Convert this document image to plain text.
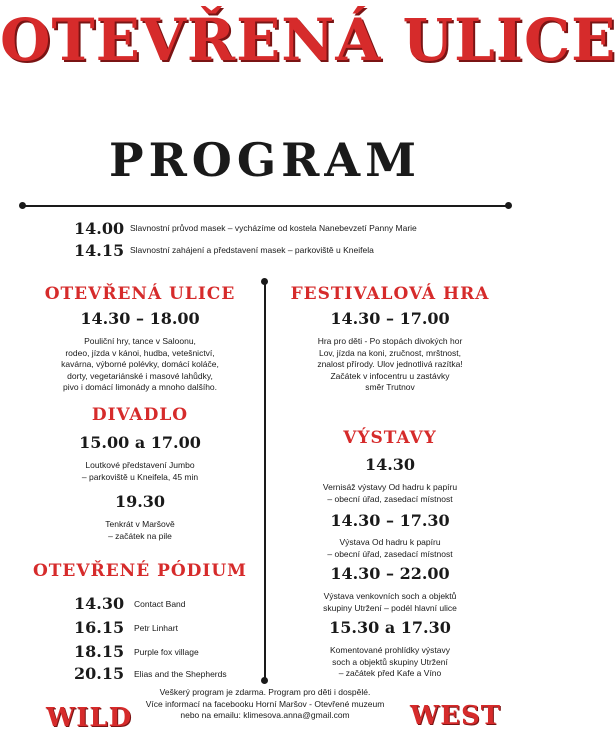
OTEVŘENÁ ULICE
PROGRAM
14.00 Slavnostní průvod masek – vycházíme od kostela Nanebevzetí Panny Marie
14.15 Slavnostní zahájení a představení masek – parkoviště u Kneifela
OTEVŘENÁ ULICE
14.30 – 18.00
Pouliční hry, tance v Saloonu,
rodeo, jízda v kánoi, hudba, vetešnictví,
kavárna, výborné polévky, domácí koláče,
dorty, vegetariánské i masové lahůdky,
pivo i domácí limonády a mnoho dalšího.
DIVADLO
15.00 a 17.00
Loutkové představení Jumbo
– parkoviště u Kneifela, 45 min
19.30
Tenkrát v Maršově
– začátek na pile
OTEVŘENÉ PÓDIUM
14.30 Contact Band
16.15 Petr Linhart
18.15 Purple fox village
20.15 Elias and the Shepherds
FESTIVALOVÁ HRA
14.30 – 17.00
Hra pro děti - Po stopách divokých hor
Lov, jízda na koni, zručnost, mrštnost,
znalost přírody. Ulov jednotlivá razítka!
Začátek v infocentru u zastávky
směr Trutnov
VÝSTAVY
14.30
Vernisáž výstavy Od hadru k papíru
– obecní úřad, zasedací místnost
14.30 – 17.30
Výstava Od hadru k papíru
– obecní úřad, zasedací místnost
14.30 – 22.00
Výstava venkovních soch a objektů
skupiny Utržení – podél hlavní ulice
15.30 a 17.30
Komentované prohlídky výstavy
soch a objektů skupiny Utržení
– začátek před Kafe a Víno
WILD
Veškerý program je zdarma. Program pro děti i dospělé.
Více informací na facebooku Horní Maršov - Otevřené muzeum
nebo na emailu: klimesova.anna@gmail.com	WEST
